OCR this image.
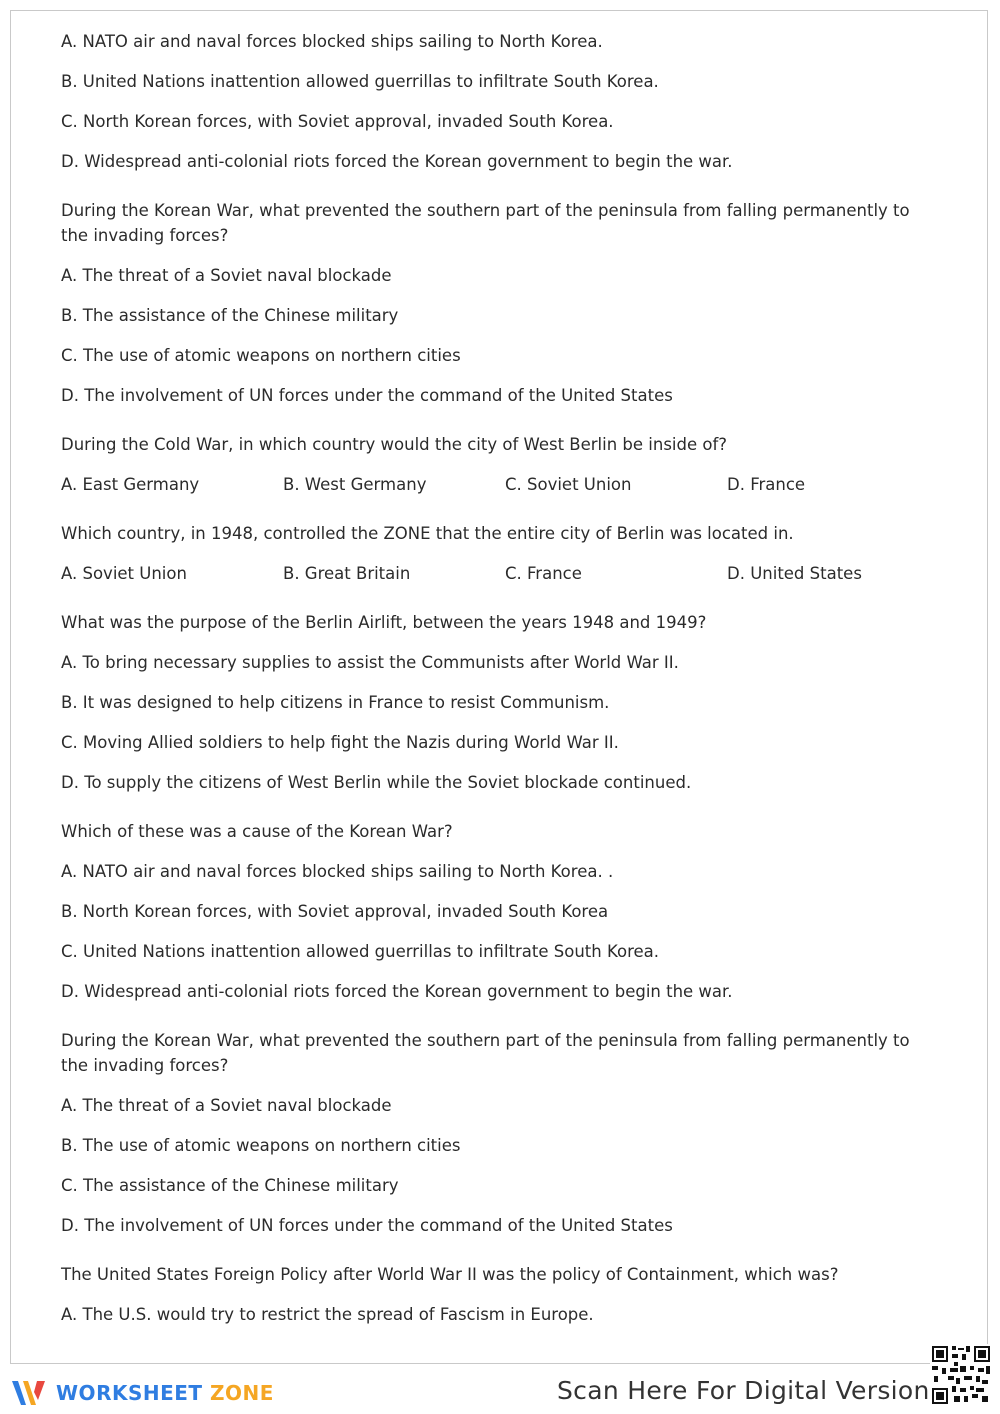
A. NATO air and naval forces blocked ships sailing to North Korea.
B. United Nations inattention allowed guerrillas to infiltrate South Korea.
C. North Korean forces, with Soviet approval, invaded South Korea.
D. Widespread anti-colonial riots forced the Korean government to begin the war.
During the Korean War, what prevented the southern part of the peninsula from falling permanently to the invading forces?
A. The threat of a Soviet naval blockade
B. The assistance of the Chinese military
C. The use of atomic weapons on northern cities
D. The involvement of UN forces under the command of the United States
During the Cold War, in which country would the city of West Berlin be inside of?
A. East Germany	B. West Germany	C. Soviet Union	D. France
Which country, in 1948, controlled the ZONE that the entire city of Berlin was located in.
A. Soviet Union	B. Great Britain	C. France	D. United States
What was the purpose of the Berlin Airlift, between the years 1948 and 1949?
A. To bring necessary supplies to assist the Communists after World War II.
B. It was designed to help citizens in France to resist Communism.
C. Moving Allied soldiers to help fight the Nazis during World War II.
D. To supply the citizens of West Berlin while the Soviet blockade continued.
Which of these was a cause of the Korean War?
A. NATO air and naval forces blocked ships sailing to North Korea. .
B. North Korean forces, with Soviet approval, invaded South Korea
C. United Nations inattention allowed guerrillas to infiltrate South Korea.
D. Widespread anti-colonial riots forced the Korean government to begin the war.
During the Korean War, what prevented the southern part of the peninsula from falling permanently to the invading forces?
A. The threat of a Soviet naval blockade
B. The use of atomic weapons on northern cities
C. The assistance of the Chinese military
D. The involvement of UN forces under the command of the United States
The United States Foreign Policy after World War II was the policy of Containment, which was?
A. The U.S. would try to restrict the spread of Fascism in Europe.
WORKSHEET ZONE	Scan Here For Digital Version
